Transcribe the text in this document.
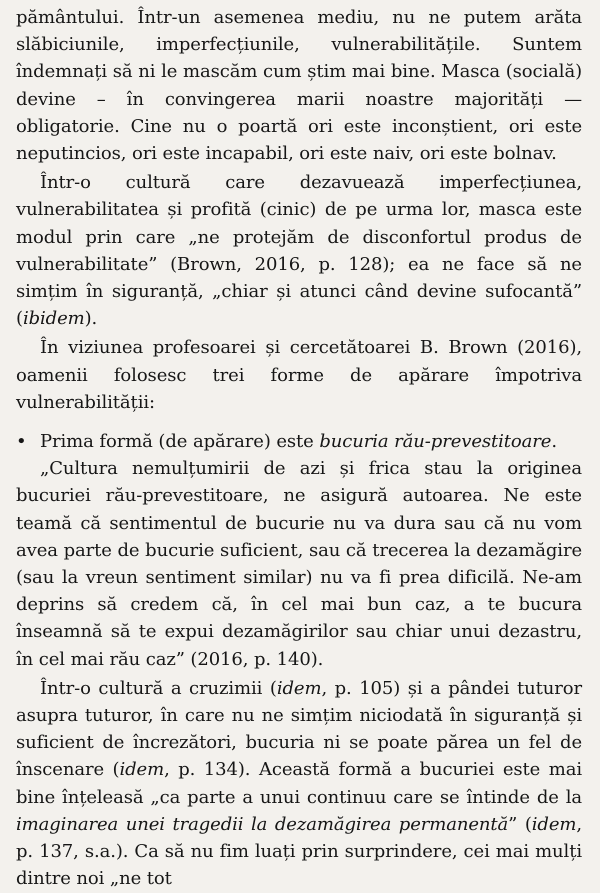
pământului. Într-un asemenea mediu, nu ne putem arăta slăbiciunile, imperfecțiunile, vulnerabilitățile. Suntem îndemnați să ni le mascăm cum știm mai bine. Masca (socială) devine – în convingerea marii noastre majorități — obligatorie. Cine nu o poartă ori este inconștient, ori este neputincios, ori este incapabil, ori este naiv, ori este bolnav.

Într-o cultură care dezavuează imperfecțiunea, vulnerabilitatea și profită (cinic) de pe urma lor, masca este modul prin care „ne protejăm de disconfortul produs de vulnerabilitate” (Brown, 2016, p. 128); ea ne face să ne simțim în siguranță, „chiar și atunci când devine sufocantă” (ibidem).

În viziunea profesoarei și cercetătoarei B. Brown (2016), oamenii folosesc trei forme de apărare împotriva vulnerabilității:

• Prima formă (de apărare) este bucuria rău-prevestitoare.

„Cultura nemulțumirii de azi și frica stau la originea bucuriei rău-prevestitoare, ne asigură autoarea. Ne este teamă că sentimentul de bucurie nu va dura sau că nu vom avea parte de bucurie suficient, sau că trecerea la dezamăgire (sau la vreun sentiment similar) nu va fi prea dificilă. Ne-am deprins să credem că, în cel mai bun caz, a te bucura înseamnă să te expui dezamăgirilor sau chiar unui dezastru, în cel mai rău caz” (2016, p. 140).

Într-o cultură a cruzimii (idem, p. 105) și a pândei tuturor asupra tuturor, în care nu ne simțim niciodată în siguranță și suficient de încrezători, bucuria ni se poate părea un fel de înscenare (idem, p. 134). Această formă a bucuriei este mai bine înțeleasă „ca parte a unui continuu care se întinde de la imaginarea unei tragedii la dezamăgirea permanentă” (idem, p. 137, s.a.). Ca să nu fim luați prin surprindere, cei mai mulți dintre noi „ne tot
